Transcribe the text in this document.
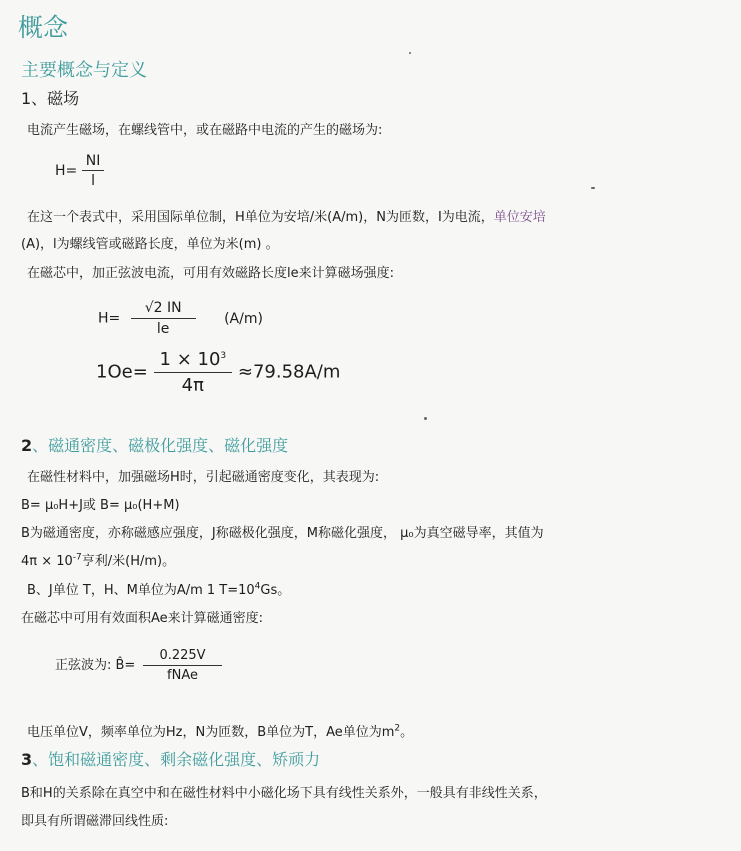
概念
主要概念与定义
1、磁场
电流产生磁场，在螺线管中，或在磁路中电流的产生的磁场为:
$H= \frac{NI}{l}$
在这一个表式中，采用国际单位制，H单位为安培/米(A/m)，N为匝数，I为电流，单位安培
(A)，l为螺线管或磁路长度，单位为米(m) 。
在磁芯中，加正弦波电流，可用有效磁路长度le来计算磁场强度:
$H= \frac{√2 IN}{le} (A/m)$
$1Oe= \frac{1 \times 10^3}{4\pi} \approx 79.58A/m$
2、磁通密度、磁极化强度、磁化强度
在磁性材料中，加强磁场H时，引起磁通密度变化，其表现为:
B= μ₀H+J或 B= μ₀(H+M)
B为磁通密度，亦称磁感应强度，J称磁极化强度，M称磁化强度， μ₀为真空磁导率，其值为
$4\pi \times 10^{-7}$亨利/米(H/m)。
B、J单位 T，H、M单位为A/m 1 $T=10^4Gs$。
在磁芯中可用有效面积Ae来计算磁通密度:
正弦波为: B̂= $\frac{0.225V}{\text{fNAe}}$
电压单位V，频率单位为Hz，N为匝数，B单位为T，Ae单位为$m^2$。
3、饱和磁通密度、剩余磁化强度、矫顽力
B和H的关系除在真空中和在磁性材料中小磁化场下具有线性关系外，一般具有非线性关系，
即具有所谓磁滞回线性质:
